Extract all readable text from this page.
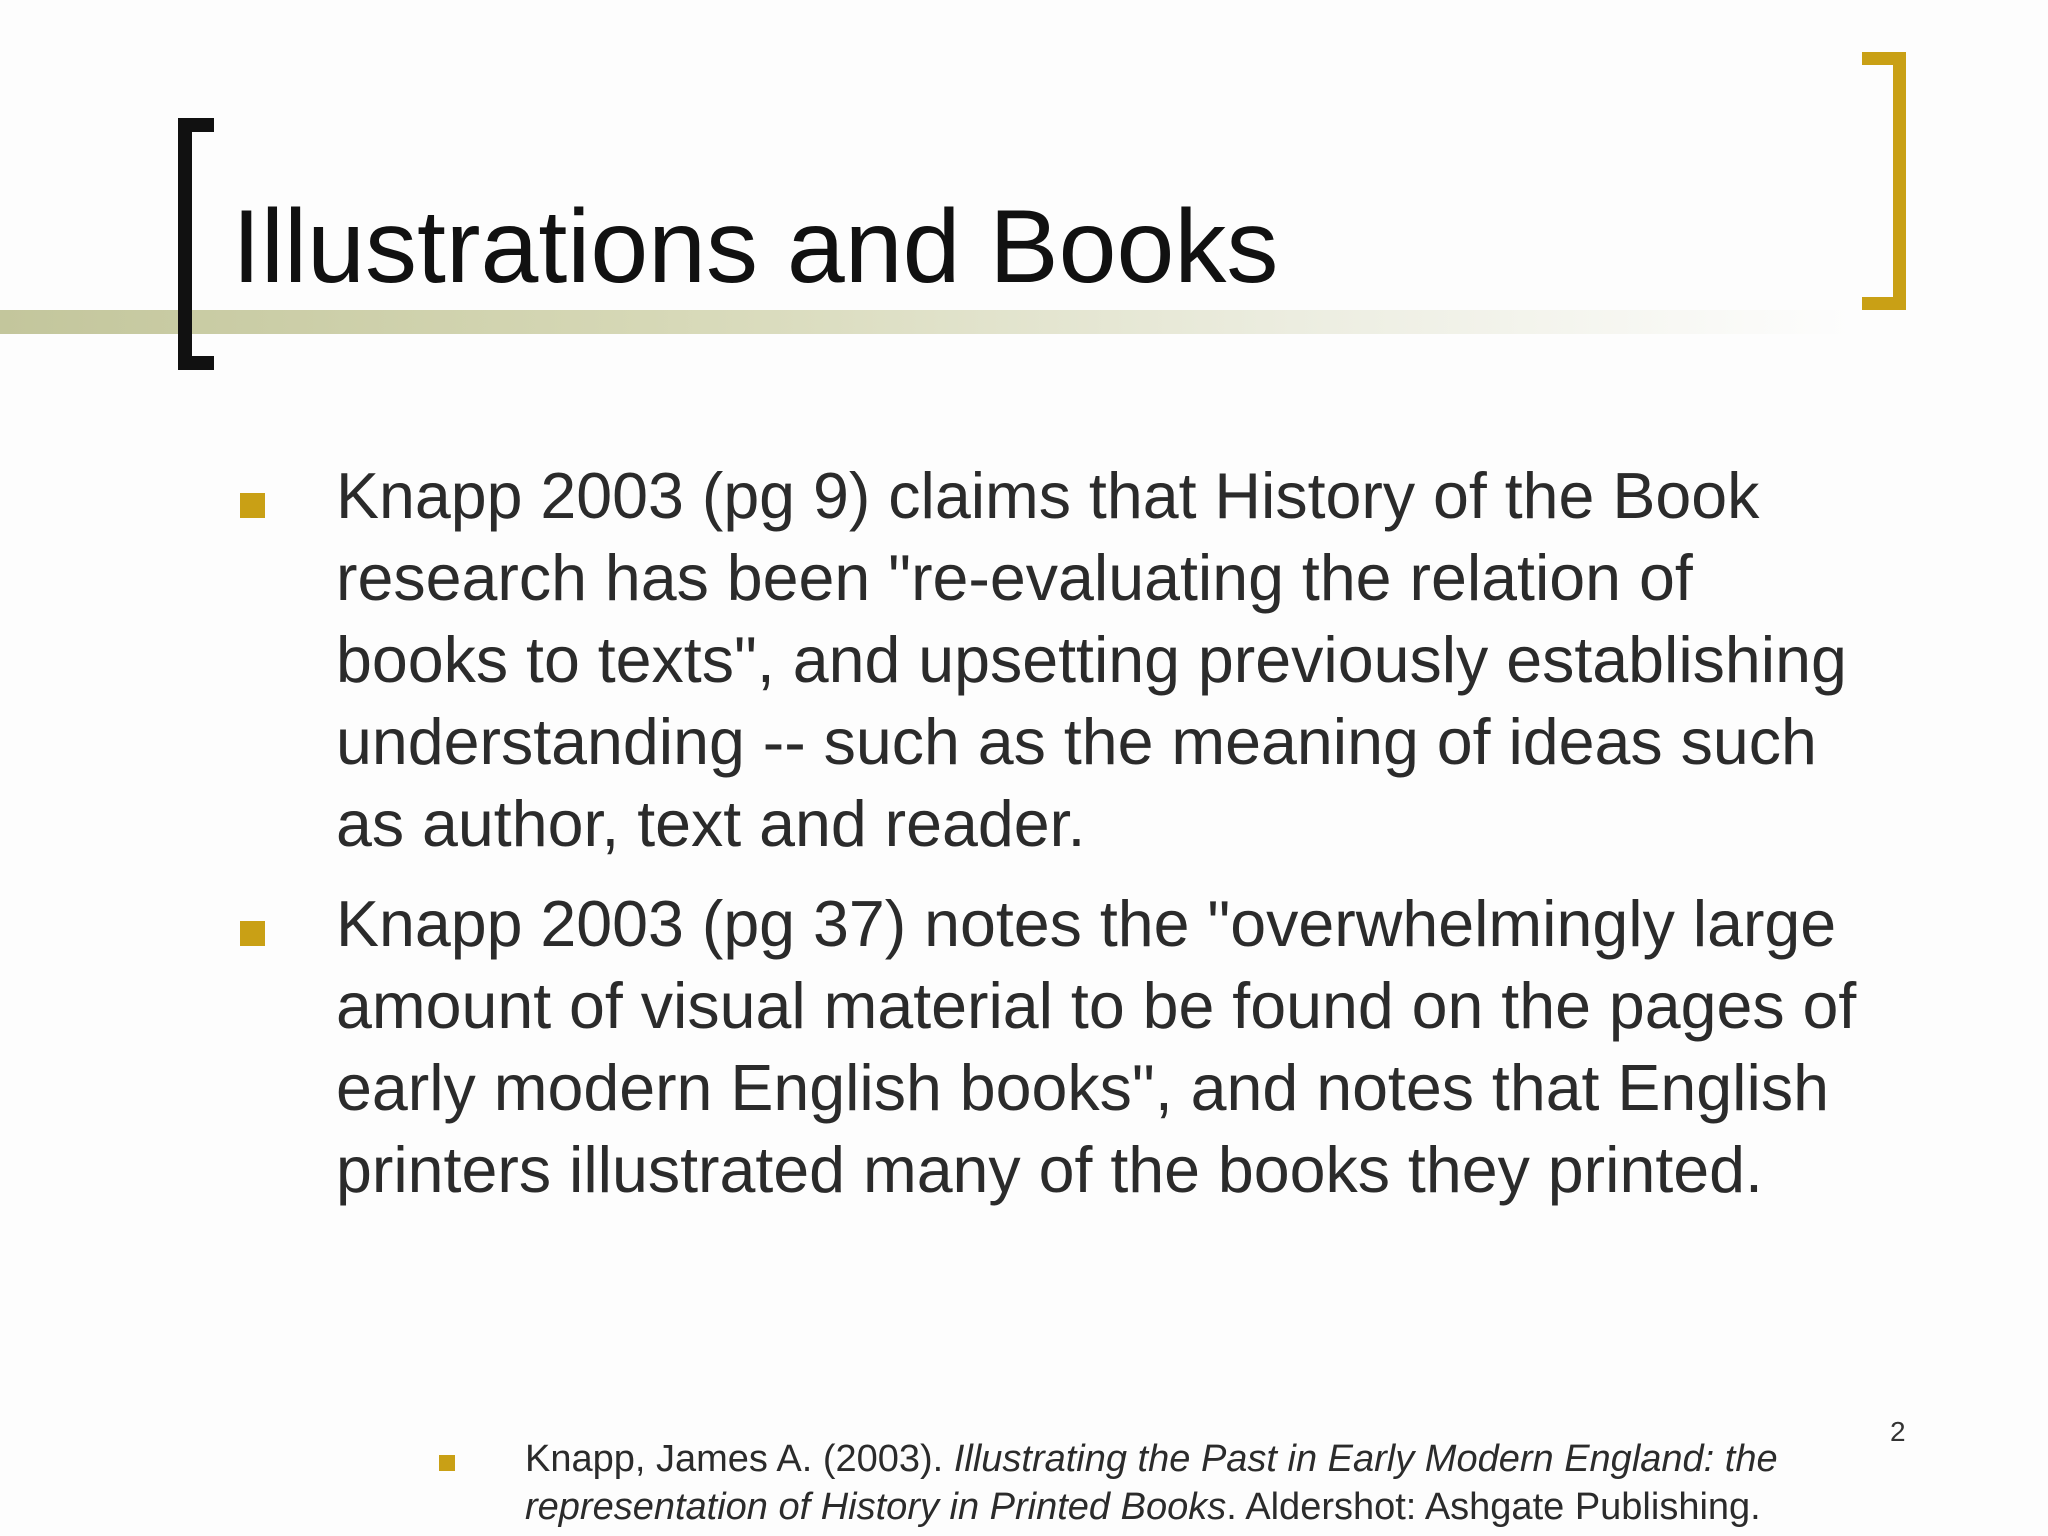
Illustrations and Books
Knapp 2003 (pg 9) claims that History of the Book research has been "re-evaluating the relation of books to texts", and upsetting previously establishing understanding -- such as the meaning of ideas such as author, text and reader.
Knapp 2003 (pg 37) notes the "overwhelmingly large amount of visual material to be found on the pages of early modern English books", and notes that English printers illustrated many of the books they printed.
Knapp, James A. (2003). Illustrating the Past in Early Modern England: the representation of History in Printed Books. Aldershot: Ashgate Publishing.
2
